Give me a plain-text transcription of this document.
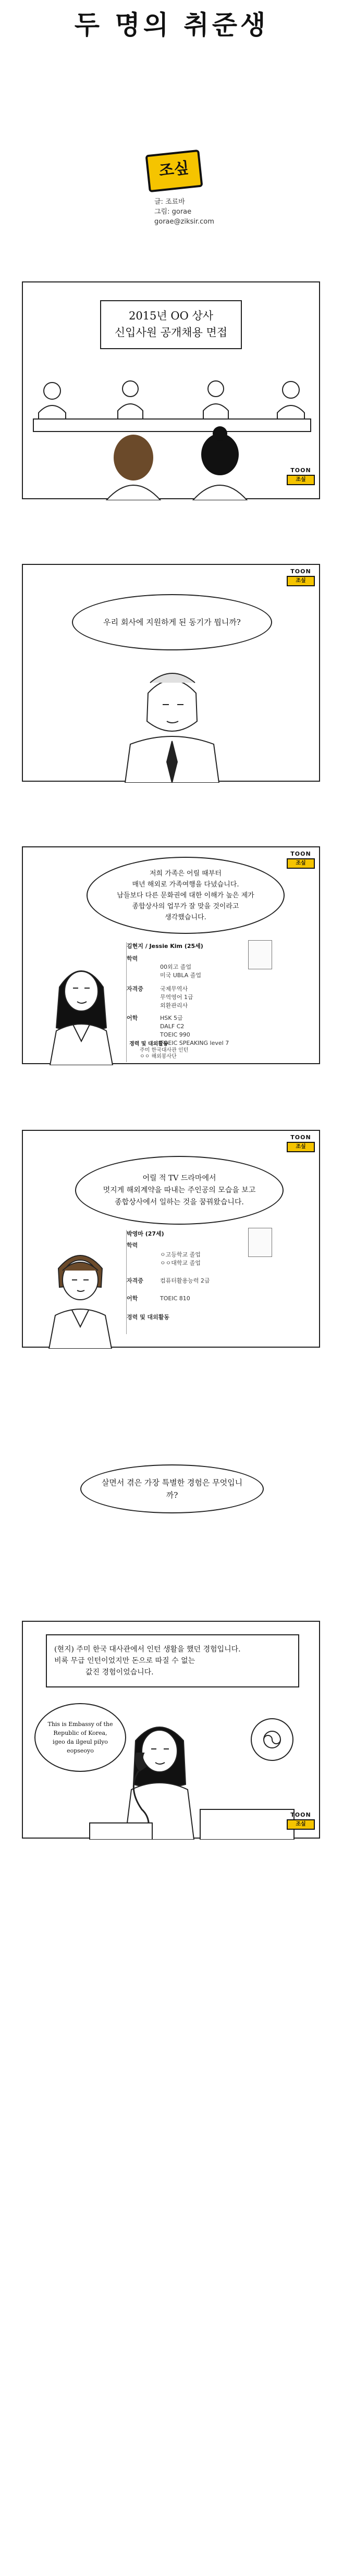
두 명의 취준생
조싶
글: 조료바
그림: gorae
gorae@ziksir.com
2015년 OO 상사
신입사원 공개채용 면접
TOON
조싶
TOON
조싶
우리 회사에 지원하게 된 동기가 뭡니까?
TOON
조싶
저희 가족은 어릴 때부터
매년 해외로 가족여행을 다녔습니다.
남들보다 다른 문화권에 대한 이해가 높은 제가
종합상사의 업무가 잘 맞을 것이라고
생각했습니다.
김현지 / Jessie Kim (25세)
학력
00외고 졸업
미국 UBLA 졸업
자격증	국제무역사
무역영어 1급
외환관리사
어학	HSK 5급
DALF C2
TOEIC 990
TOEIC SPEAKING level 7
경력 및 대외활동
주미 한국대사관 인턴
ㅇㅇ 해외봉사단
TOON
조싶
어릴 적 TV 드라마에서
멋지게 해외계약을 따내는 주인공의 모습을 보고
종합상사에서 일하는 것을 꿈꿔왔습니다.
박영마 (27세)
학력
ㅇ고등학교 졸업
ㅇㅇ대학교 졸업
자격증	컴퓨터활용능력 2급
어학	TOEIC 810
경력 및 대외활동
살면서 겪은 가장 특별한 경험은 무엇입니까?
(현지) 주미 한국 대사관에서 인턴 생활을 했던 경험입니다.
비록 무급 인턴이었지만 돈으로 따질 수 없는
값진 경험이었습니다.
This is Embassy of the
Republic of Korea,
igeo da ilgeul pilyo
eopseoyo
TOON
조싶
